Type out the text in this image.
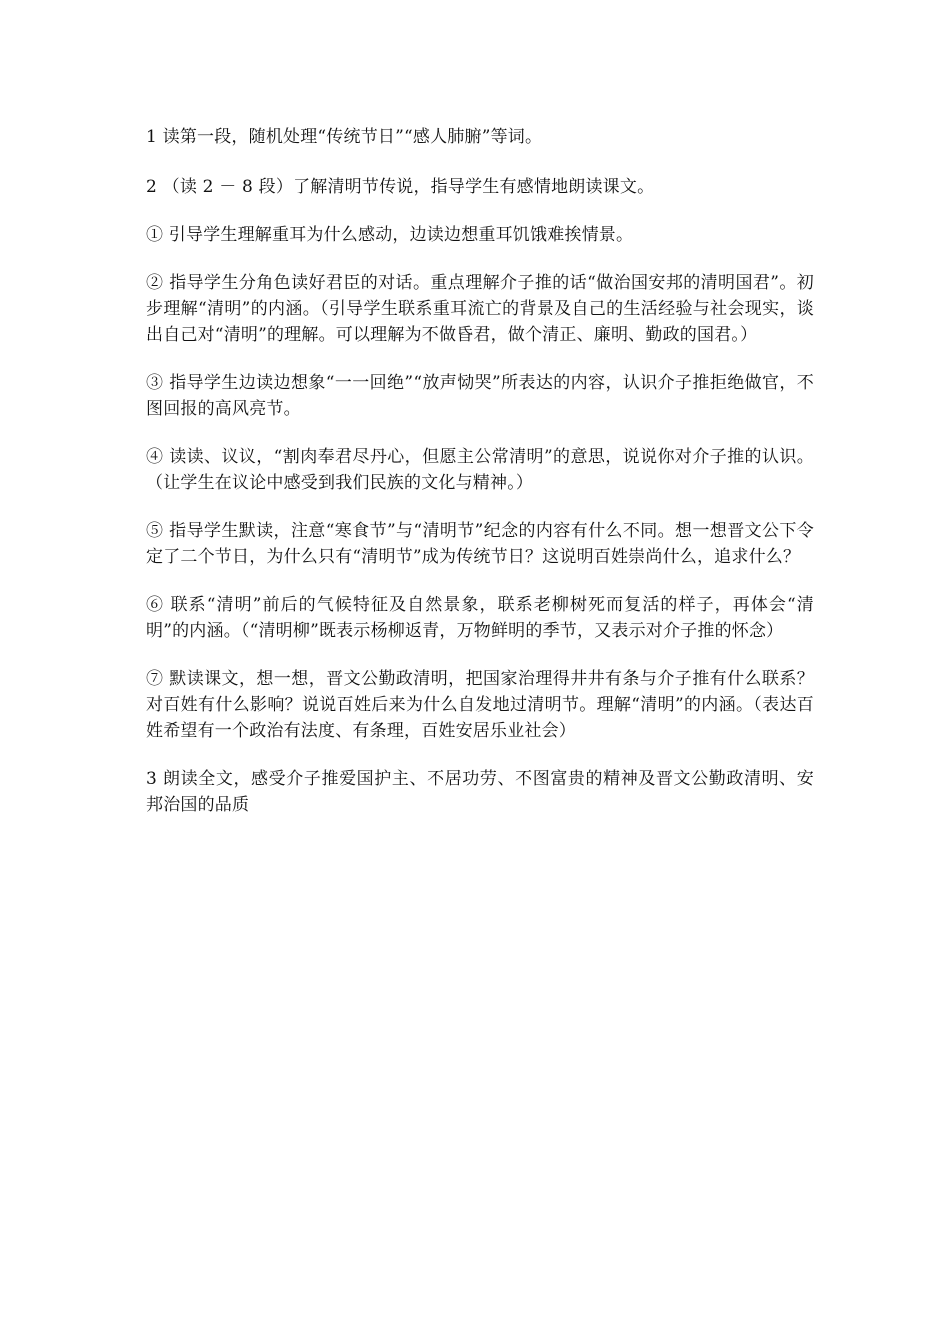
1 读第一段，随机处理“传统节日”“感人肺腑”等词。

2 （读 2 － 8 段）了解清明节传说，指导学生有感情地朗读课文。

① 引导学生理解重耳为什么感动，边读边想重耳饥饿难挨情景。

② 指导学生分角色读好君臣的对话。重点理解介子推的话“做治国安邦的清明国君”。初步理解“清明”的内涵。（引导学生联系重耳流亡的背景及自己的生活经验与社会现实，谈出自己对“清明”的理解。可以理解为不做昏君，做个清正、廉明、勤政的国君。）

③ 指导学生边读边想象“一一回绝”“放声恸哭”所表达的内容，认识介子推拒绝做官，不图回报的高风亮节。

④ 读读、议议，“割肉奉君尽丹心，但愿主公常清明”的意思，说说你对介子推的认识。（让学生在议论中感受到我们民族的文化与精神。）

⑤ 指导学生默读，注意“寒食节”与“清明节”纪念的内容有什么不同。想一想晋文公下令定了二个节日，为什么只有“清明节”成为传统节日？这说明百姓崇尚什么，追求什么？

⑥ 联系“清明”前后的气候特征及自然景象，联系老柳树死而复活的样子，再体会“清明”的内涵。（“清明柳”既表示杨柳返青，万物鲜明的季节，又表示对介子推的怀念）

⑦ 默读课文，想一想，晋文公勤政清明，把国家治理得井井有条与介子推有什么联系？对百姓有什么影响？说说百姓后来为什么自发地过清明节。理解“清明”的内涵。（表达百姓希望有一个政治有法度、有条理，百姓安居乐业社会）

3 朗读全文，感受介子推爱国护主、不居功劳、不图富贵的精神及晋文公勤政清明、安邦治国的品质
